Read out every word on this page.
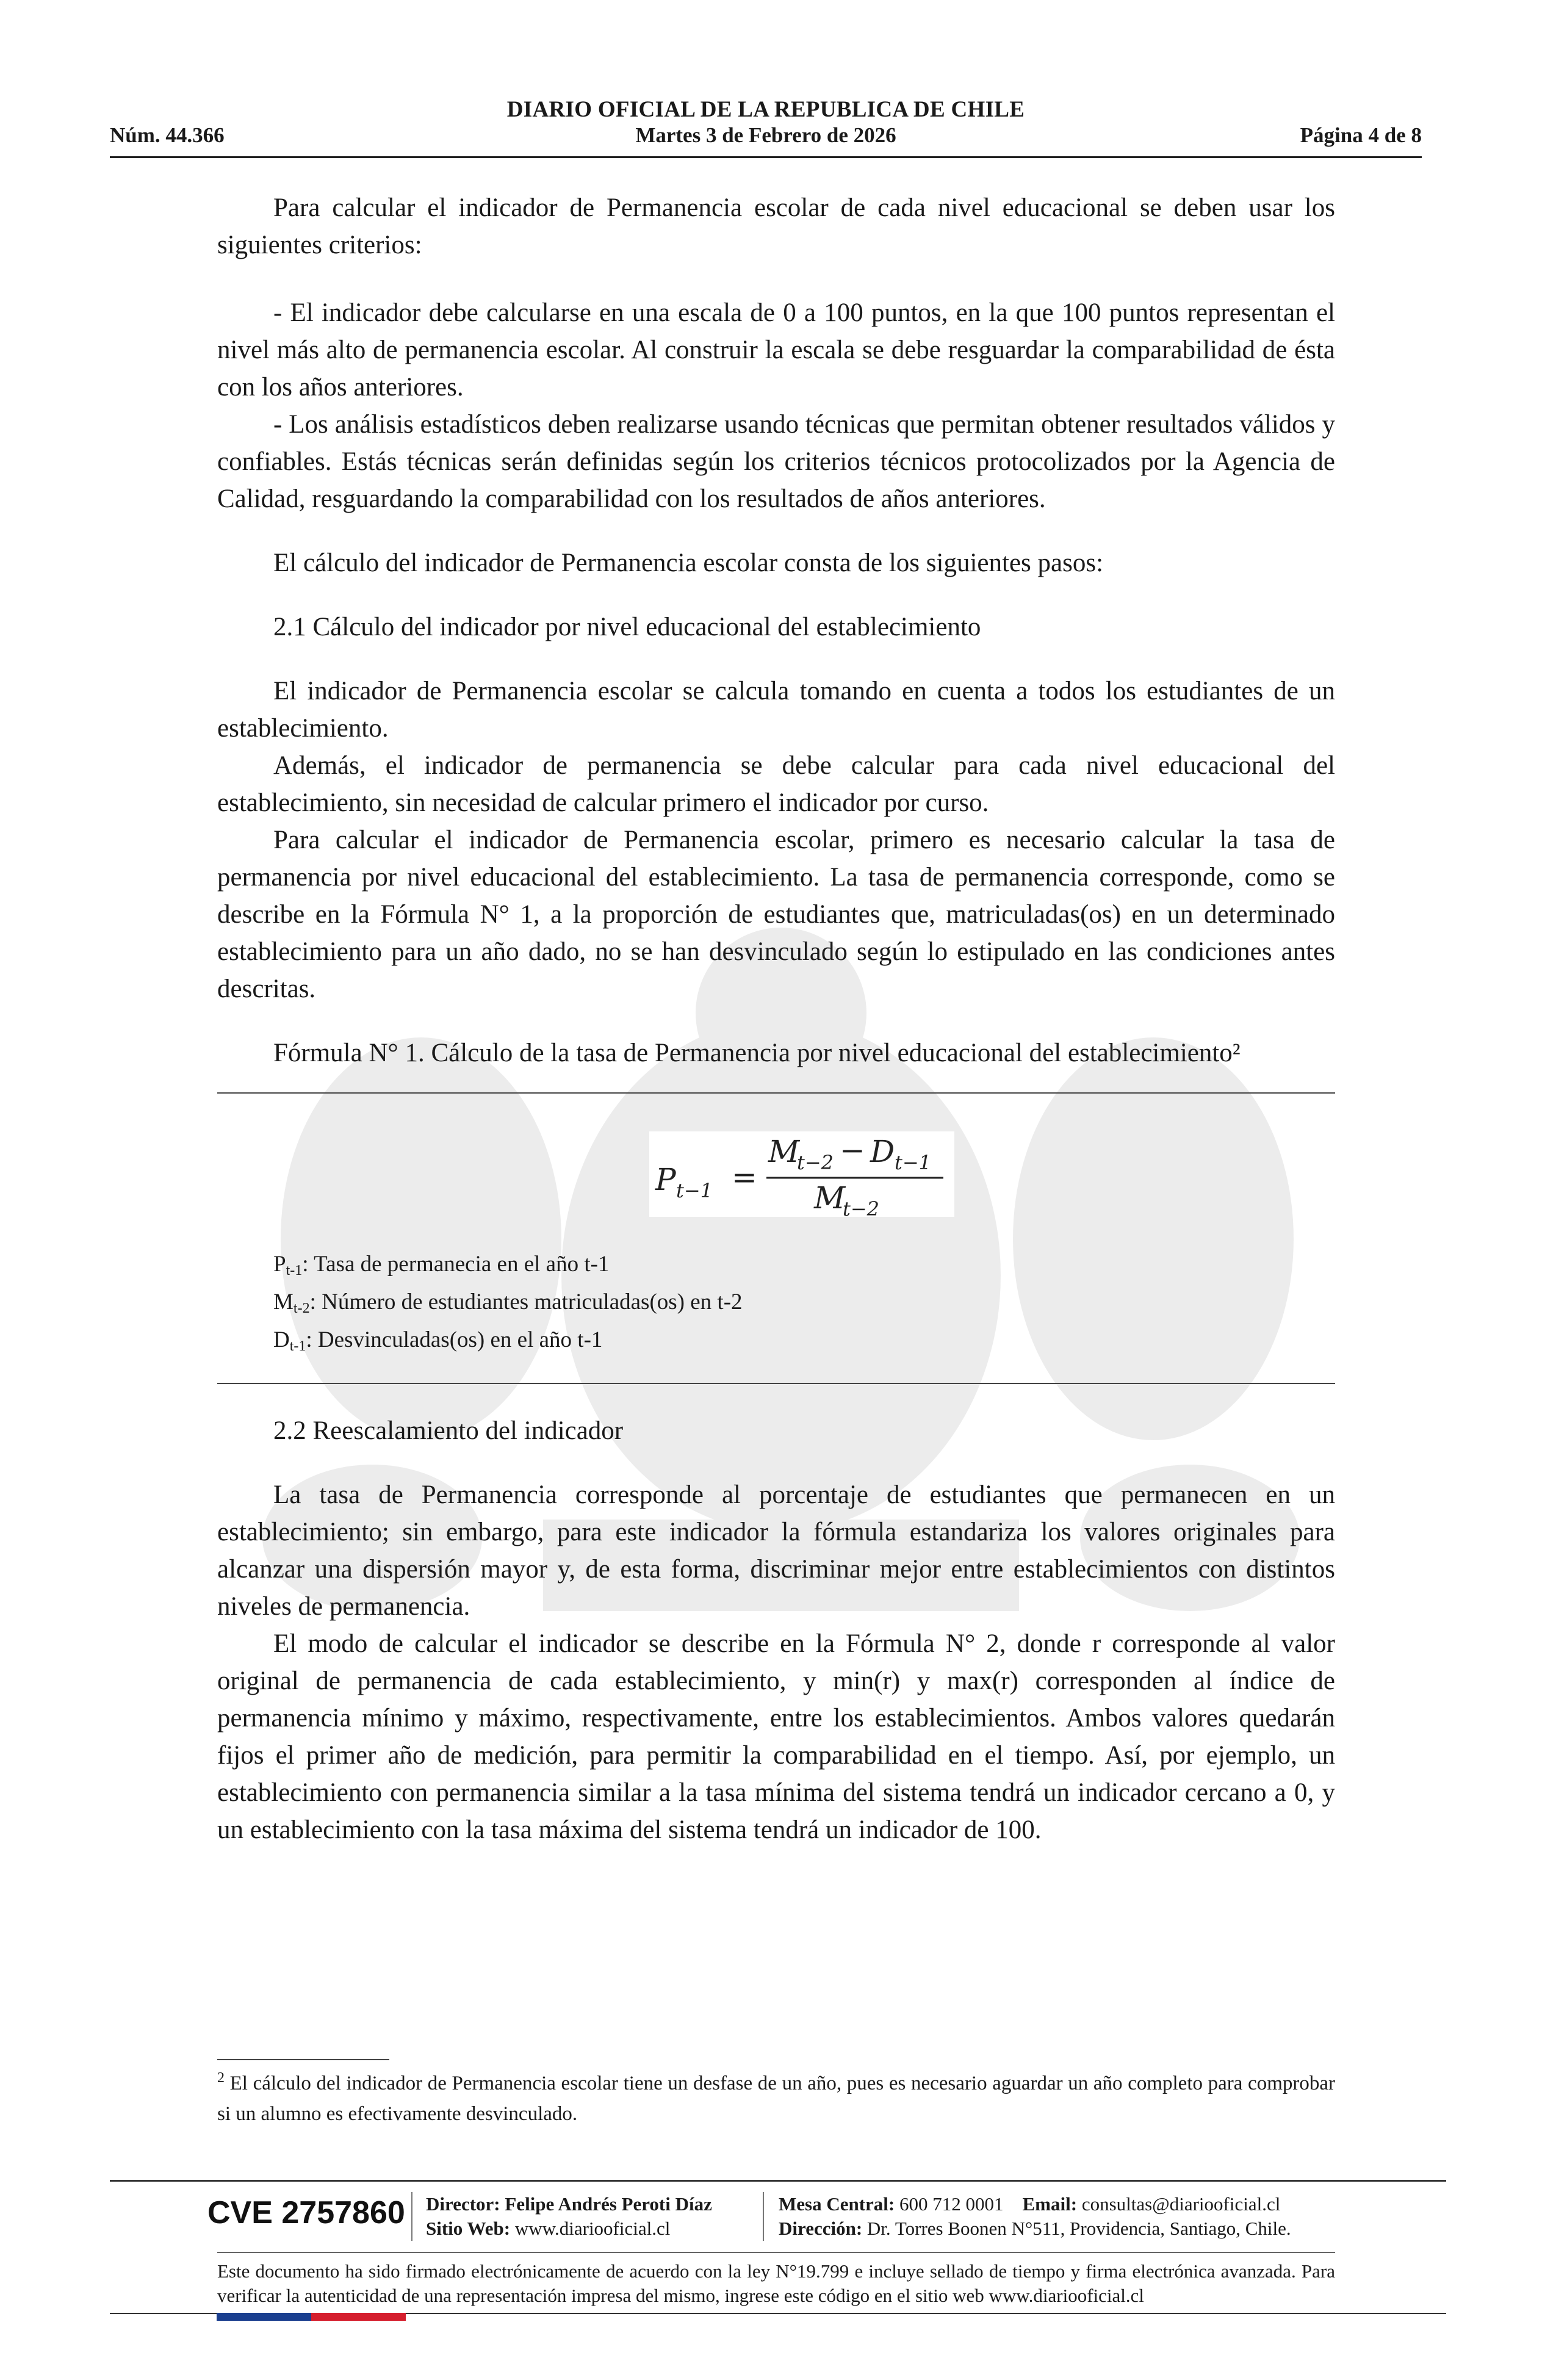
DIARIO OFICIAL DE LA REPUBLICA DE CHILE
Núm. 44.366	Martes 3 de Febrero de 2026	Página 4 de 8

Para calcular el indicador de Permanencia escolar de cada nivel educacional se deben usar los siguientes criterios:

- El indicador debe calcularse en una escala de 0 a 100 puntos, en la que 100 puntos representan el nivel más alto de permanencia escolar. Al construir la escala se debe resguardar la comparabilidad de ésta con los años anteriores.

- Los análisis estadísticos deben realizarse usando técnicas que permitan obtener resultados válidos y confiables. Estás técnicas serán definidas según los criterios técnicos protocolizados por la Agencia de Calidad, resguardando la comparabilidad con los resultados de años anteriores.

El cálculo del indicador de Permanencia escolar consta de los siguientes pasos:

2.1 Cálculo del indicador por nivel educacional del establecimiento

El indicador de Permanencia escolar se calcula tomando en cuenta a todos los estudiantes de un establecimiento.

Además, el indicador de permanencia se debe calcular para cada nivel educacional del establecimiento, sin necesidad de calcular primero el indicador por curso.

Para calcular el indicador de Permanencia escolar, primero es necesario calcular la tasa de permanencia por nivel educacional del establecimiento. La tasa de permanencia corresponde, como se describe en la Fórmula N° 1, a la proporción de estudiantes que, matriculadas(os) en un determinado establecimiento para un año dado, no se han desvinculado según lo estipulado en las condiciones antes descritas.

Fórmula N° 1. Cálculo de la tasa de Permanencia por nivel educacional del establecimiento²

P t−1 =
M
t−2 − D t−1
M
t−2
$P_{t-1}$: Tasa de permanecia en el año t-1
$M_{t-2}$: Número de estudiantes matriculadas(os) en t-2
$D_{t-1}$: Desvinculadas(os) en el año t-1

2.2 Reescalamiento del indicador

La tasa de Permanencia corresponde al porcentaje de estudiantes que permanecen en un establecimiento; sin embargo, para este indicador la fórmula estandariza los valores originales para alcanzar una dispersión mayor y, de esta forma, discriminar mejor entre establecimientos con distintos niveles de permanencia.

El modo de calcular el indicador se describe en la Fórmula N° 2, donde r corresponde al valor original de permanencia de cada establecimiento, y min(r) y max(r) corresponden al índice de permanencia mínimo y máximo, respectivamente, entre los establecimientos. Ambos valores quedarán fijos el primer año de medición, para permitir la comparabilidad en el tiempo. Así, por ejemplo, un establecimiento con permanencia similar a la tasa mínima del sistema tendrá un indicador cercano a 0, y un establecimiento con la tasa máxima del sistema tendrá un indicador de 100.

$^2$ El cálculo del indicador de Permanencia escolar tiene un desfase de un año, pues es necesario aguardar un año completo para comprobar si un alumno es efectivamente desvinculado.
CVE 2757860 Director: Felipe Andrés Peroti Díaz
Sitio Web: www.diariooficial.cl
Mesa Central: 600 712 0001 Email: consultas@diariooficial.cl
Dirección: Dr. Torres Boonen N°511, Providencia, Santiago, Chile.
Este documento ha sido firmado electrónicamente de acuerdo con la ley N°19.799 e incluye sellado de tiempo y firma electrónica avanzada. Para verificar la autenticidad de una representación impresa del mismo, ingrese este código en el sitio web www.diariooficial.cl
